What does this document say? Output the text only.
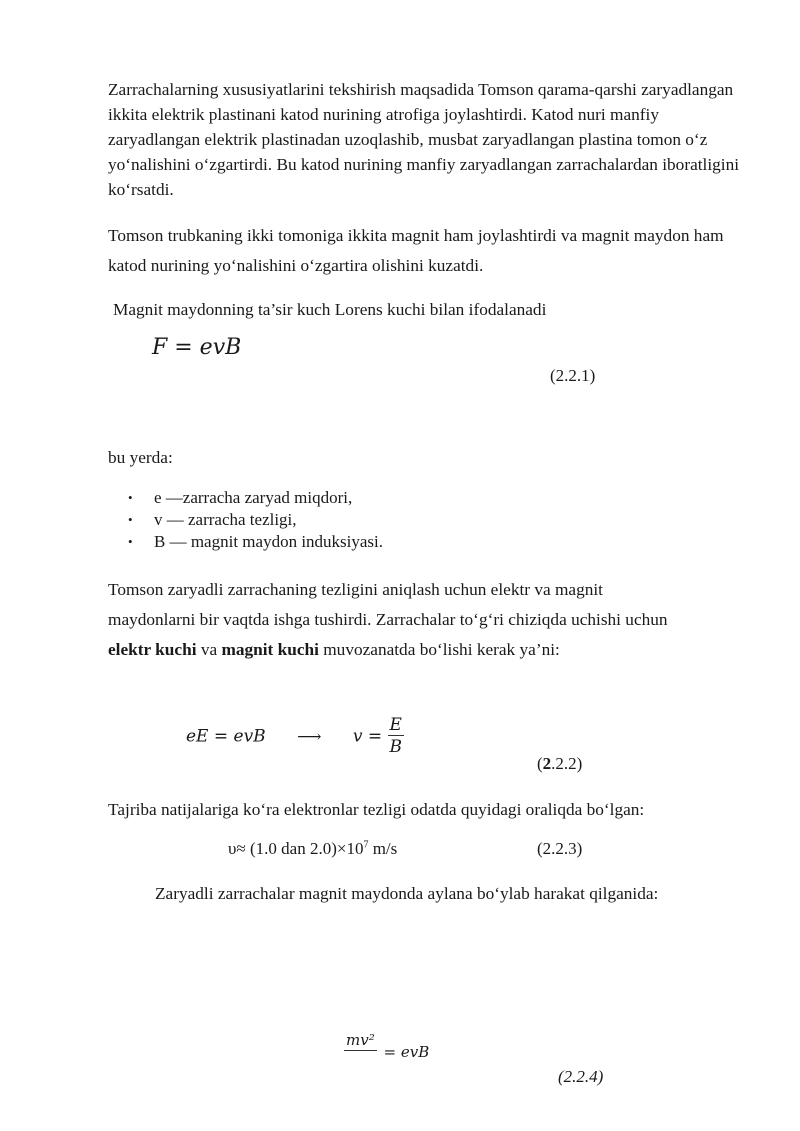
Zarrachalarning xususiyatlarini tekshirish maqsadida Tomson qarama-qarshi zaryadlangan ikkita elektrik plastinani katod nurining atrofiga joylashtirdi. Katod nuri manfiy zaryadlangan elektrik plastinadan uzoqlashib, musbat zaryadlangan plastina tomon o‘z yo‘nalishini o‘zgartirdi. Bu katod nurining manfiy zaryadlangan zarrachalardan iboratligini ko‘rsatdi.
Tomson trubkaning ikki tomoniga ikkita magnit ham joylashtirdi va magnit maydon ham katod nurining yo‘nalishini o‘zgartira olishini kuzatdi.
Magnit maydonning ta’sir kuch Lorens kuchi bilan ifodalanadi
F = evB
(2.2.1)
bu yerda:
• e —zarracha zaryad miqdori,
• v — zarracha tezligi,
• B — magnit maydon induksiyasi.
Tomson zaryadli zarrachaning tezligini aniqlash uchun elektr va magnit
maydonlarni bir vaqtda ishga tushirdi. Zarrachalar to‘g‘ri chiziqda uchishi uchun
elektr kuchi va magnit kuchi muvozanatda bo‘lishi kerak ya’ni:
eE = evB ⟶ $v = \frac{E}{B}$
(2.2.2)
Tajriba natijalariga ko‘ra elektronlar tezligi odatda quyidagi oraliqda bo‘lgan:
υ≈ (1.0 dan $2.0)\times 10^7$ m/s	(2.2.3)
Zaryadli zarrachalar magnit maydonda aylana bo‘ylab harakat qilganida:
mv²

= evB
(2.2.4)
